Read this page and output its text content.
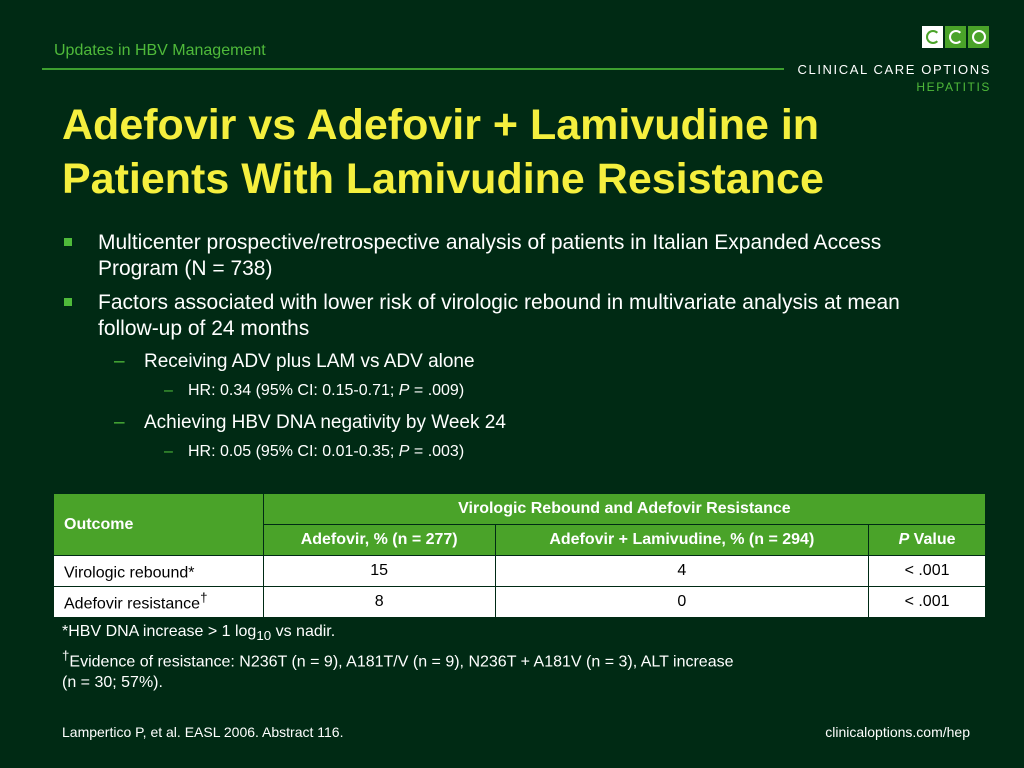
Updates in HBV Management
CLINICAL CARE OPTIONS
HEPATITIS
Adefovir vs Adefovir + Lamivudine in
Patients With Lamivudine Resistance
Multicenter prospective/retrospective analysis of patients in Italian Expanded Access Program (N = 738)
Factors associated with lower risk of virologic rebound in multivariate analysis at mean follow-up of 24 months
– Receiving ADV plus LAM vs ADV alone
– HR: 0.34 (95% CI: 0.15-0.71; P = .009)
– Achieving HBV DNA negativity by Week 24
– HR: 0.05 (95% CI: 0.01-0.35; P = .003)
Outcome	Virologic Rebound and Adefovir Resistance		
	Adefovir, % (n = 277)	Adefovir + Lamivudine, % (n = 294)	P Value
Virologic rebound*	15	4	< .001
Adefovir resistance†	8	0	< .001
*HBV DNA increase > 1 $\log_{10}$ vs nadir.
†Evidence of resistance: N236T (n = 9), A181T/V (n = 9), N236T + A181V (n = 3), ALT increase
(n = 30; 57%).
Lampertico P, et al. EASL 2006. Abstract 116.	clinicaloptions.com/hep
